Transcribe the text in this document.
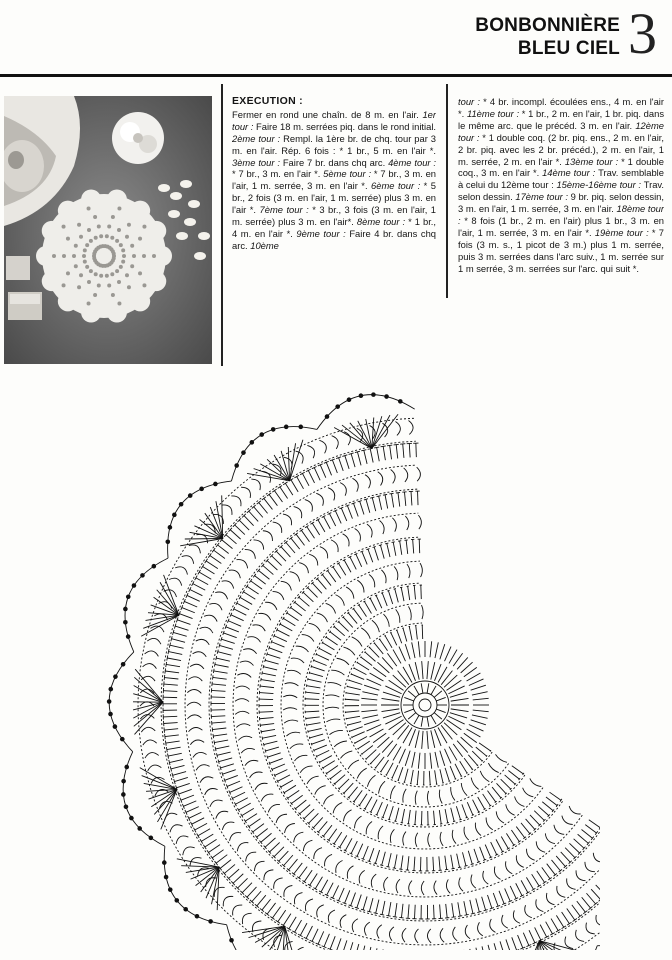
BONBONNIÈRE
BLEU CIEL 3
EXÉCUTION :
Fermer en rond une chaîn. de 8 m. en l'air. 1er tour : Faire 18 m. serrées piq. dans le rond initial. 2ème tour : Rempl. la 1ère br. de chq. tour par 3 m. en l'air. Rép. 6 fois : * 1 br., 5 m. en l'air *. 3ème tour : Faire 7 br. dans chq arc. 4ème tour : * 7 br., 3 m. en l'air *. 5ème tour : * 7 br., 3 m. en l'air, 1 m. serrée, 3 m. en l'air *. 6ème tour : * 5 br., 2 fois (3 m. en l'air, 1 m. serrée) plus 3 m. en l'air *. 7ème tour : * 3 br., 3 fois (3 m. en l'air, 1 m. serrée) plus 3 m. en l'air*. 8ème tour : * 1 br., 4 m. en l'air *. 9ème tour : Faire 4 br. dans chq arc. 10ème
tour : * 4 br. incompl. écoulées ens., 4 m. en l'air *. 11ème tour : * 1 br., 2 m. en l'air, 1 br. piq. dans le même arc. que le précéd. 3 m. en l'air. 12ème tour : * 1 double coq. (2 br. piq. ens., 2 m. en l'air, 2 br. piq. avec les 2 br. précéd.), 2 m. en l'air, 1 m. serrée, 2 m. en l'air *. 13ème tour : * 1 double coq., 3 m. en l'air *. 14ème tour : Trav. semblable à celui du 12ème tour : 15ème-16ème tour : Trav. selon dessin. 17ème tour : 9 br. piq. selon dessin, 3 m. en l'air, 1 m. serrée, 3 m. en l'air. 18ème tour : * 8 fois (1 br., 2 m. en l'air) plus 1 br., 3 m. en l'air, 1 m. serrée, 3 m. en l'air *. 19ème tour : * 7 fois (3 m. s., 1 picot de 3 m.) plus 1 m. serrée, puis 3 m. serrées dans l'arc suiv., 1 m. serrée sur 1 m serrée, 3 m. serrées sur l'arc. qui suit *.
